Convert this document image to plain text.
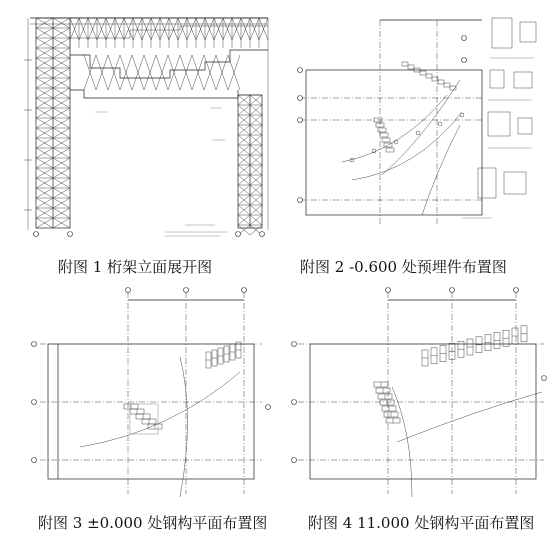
附图 1 桁架立面展开图	附图 2 -0.600 处预埋件布置图
附图 3 ±0.000 处钢构平面布置图	附图 4 11.000 处钢构平面布置图
